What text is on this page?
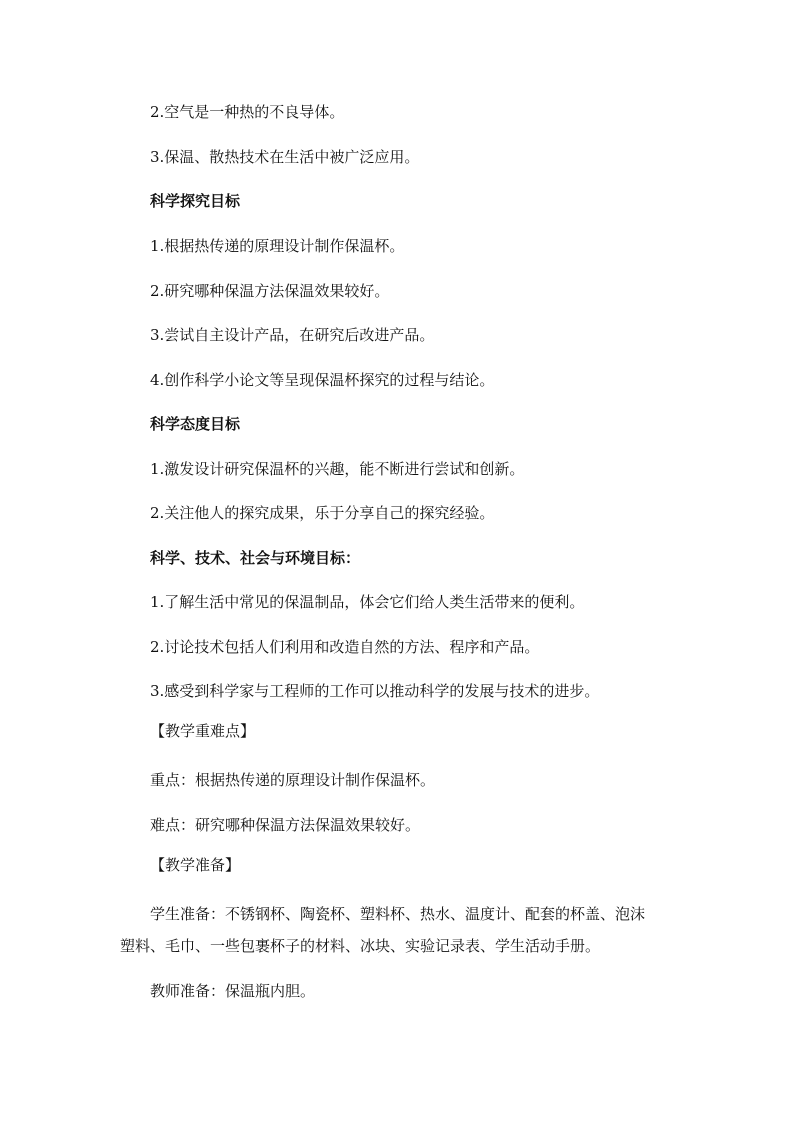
2.空气是一种热的不良导体。
3.保温、散热技术在生活中被广泛应用。
科学探究目标
1.根据热传递的原理设计制作保温杯。
2.研究哪种保温方法保温效果较好。
3.尝试自主设计产品，在研究后改进产品。
4.创作科学小论文等呈现保温杯探究的过程与结论。
科学态度目标
1.激发设计研究保温杯的兴趣，能不断进行尝试和创新。
2.关注他人的探究成果，乐于分享自己的探究经验。
科学、技术、社会与环境目标：
1.了解生活中常见的保温制品，体会它们给人类生活带来的便利。
2.讨论技术包括人们利用和改造自然的方法、程序和产品。
3.感受到科学家与工程师的工作可以推动科学的发展与技术的进步。
【教学重难点】
重点：根据热传递的原理设计制作保温杯。
难点：研究哪种保温方法保温效果较好。
【教学准备】
学生准备：不锈钢杯、陶瓷杯、塑料杯、热水、温度计、配套的杯盖、泡沫
塑料、毛巾、一些包裹杯子的材料、冰块、实验记录表、学生活动手册。
教师准备：保温瓶内胆。
